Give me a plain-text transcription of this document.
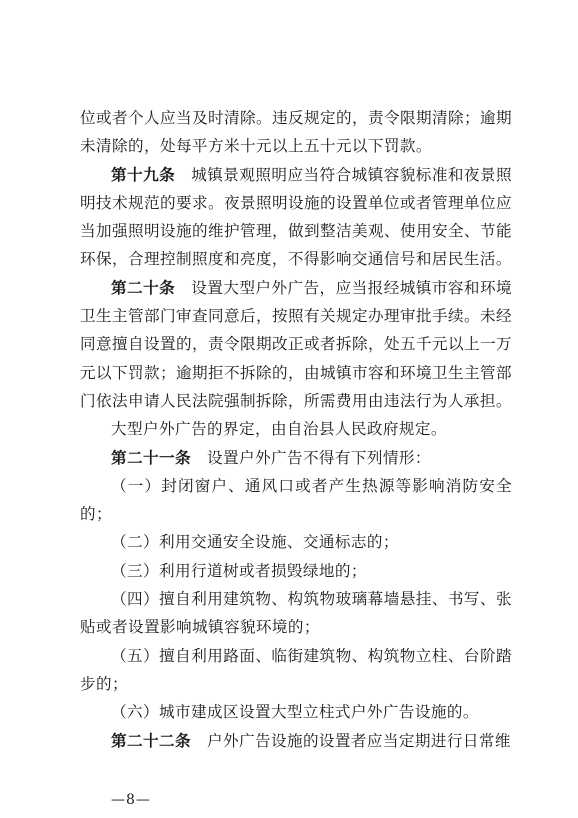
位或者个人应当及时清除。违反规定的，责令限期清除；逾期未清除的，处每平方米十元以上五十元以下罚款。

第十九条　城镇景观照明应当符合城镇容貌标准和夜景照明技术规范的要求。夜景照明设施的设置单位或者管理单位应当加强照明设施的维护管理，做到整洁美观、使用安全、节能环保，合理控制照度和亮度，不得影响交通信号和居民生活。

第二十条　设置大型户外广告，应当报经城镇市容和环境卫生主管部门审查同意后，按照有关规定办理审批手续。未经同意擅自设置的，责令限期改正或者拆除，处五千元以上一万元以下罚款；逾期拒不拆除的，由城镇市容和环境卫生主管部门依法申请人民法院强制拆除，所需费用由违法行为人承担。

大型户外广告的界定，由自治县人民政府规定。

第二十一条　设置户外广告不得有下列情形：

（一）封闭窗户、通风口或者产生热源等影响消防安全的；

（二）利用交通安全设施、交通标志的；

（三）利用行道树或者损毁绿地的；

（四）擅自利用建筑物、构筑物玻璃幕墙悬挂、书写、张贴或者设置影响城镇容貌环境的；

（五）擅自利用路面、临街建筑物、构筑物立柱、台阶踏步的；

（六）城市建成区设置大型立柱式户外广告设施的。

第二十二条　户外广告设施的设置者应当定期进行日常维

—8—
